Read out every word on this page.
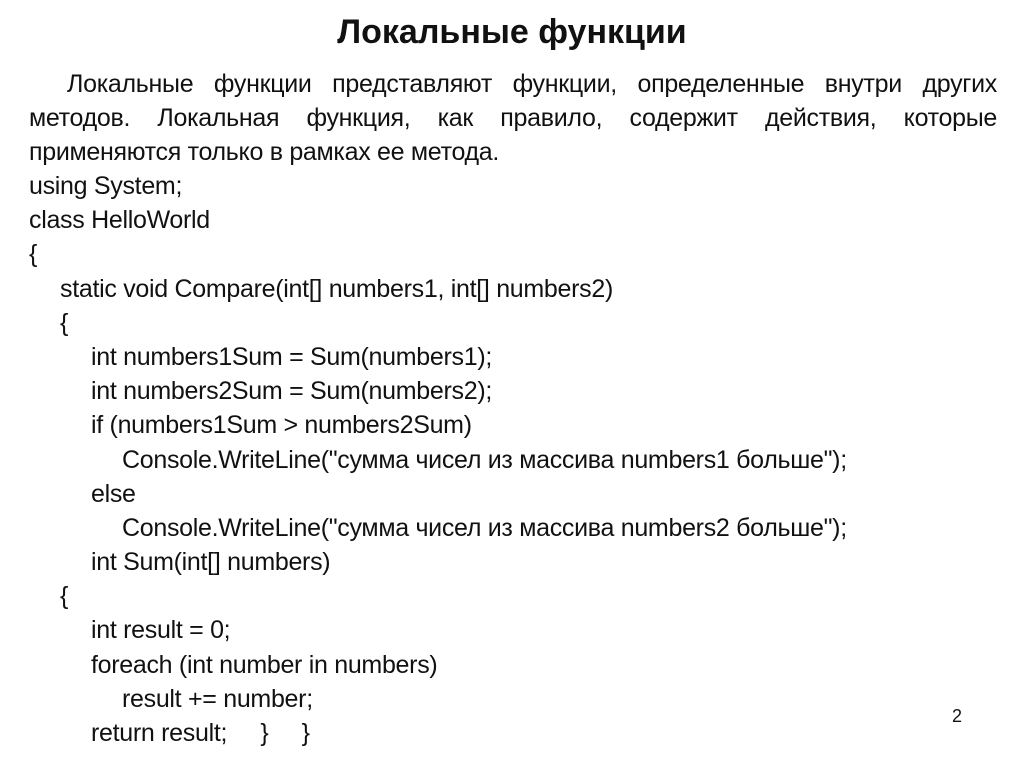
Локальные функции
Локальные функции представляют функции, определенные внутри других методов. Локальная функция, как правило, содержит действия, которые применяются только в рамках ее метода.
using System;
class HelloWorld
{
static void Compare(int[] numbers1, int[] numbers2)
{
int numbers1Sum = Sum(numbers1);
int numbers2Sum = Sum(numbers2);
if (numbers1Sum > numbers2Sum)
Console.WriteLine("сумма чисел из массива numbers1 больше");
else
Console.WriteLine("сумма чисел из массива numbers2 больше");
int Sum(int[] numbers)
{
int result = 0;
foreach (int number in numbers)
result += number;
return result;     }     }
2
